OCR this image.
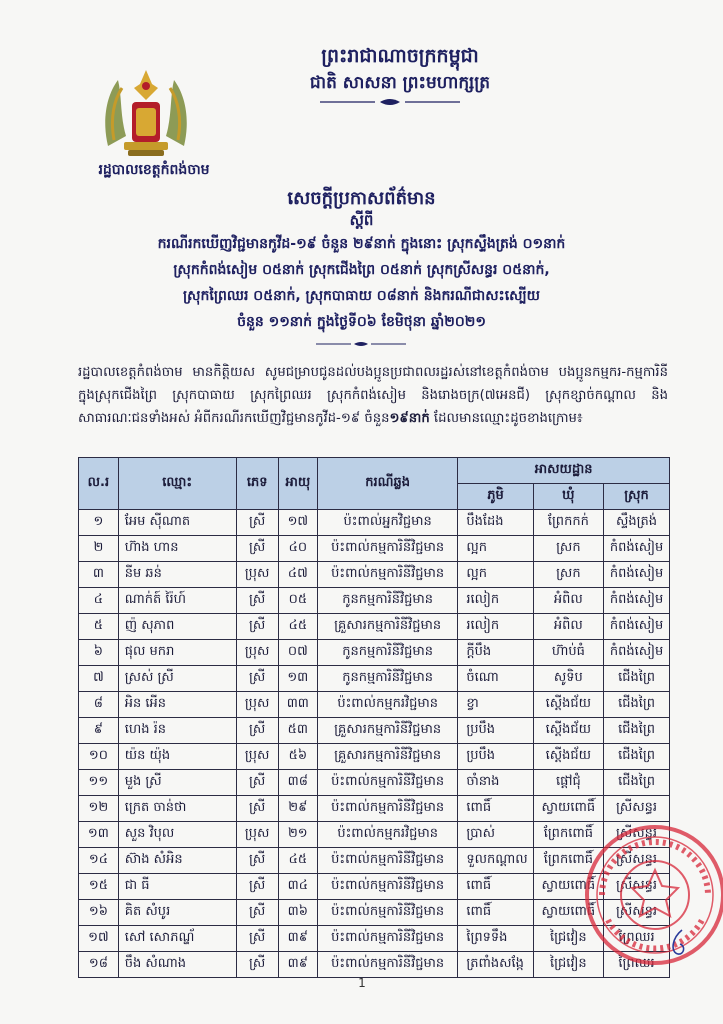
ព្រះរាជាណាចក្រកម្ពុជា
ជាតិ សាសនា ព្រះមហាក្សត្រ
រដ្ឋបាលខេត្តកំពង់ចាម
សេចក្តីប្រកាសព័ត៌មាន
ស្តីពី
ករណីរកឃើញវិជ្ជមានកូវីដ-១៩ ចំនួន ២៩នាក់ ក្នុងនោះ ស្រុកស្ទឹងត្រង់ ០១នាក់
ស្រុកកំពង់សៀម ០៥នាក់ ស្រុកជើងព្រៃ ០៥នាក់ ស្រុកស្រីសន្ធរ ០៥នាក់,
ស្រុកព្រៃឈរ ០៥នាក់, ស្រុកបាធាយ ០៨នាក់ និងករណីជាសះស្បើយ
ចំនួន ១១នាក់ ក្នុងថ្ងៃទី០៦ ខែមិថុនា ឆ្នាំ២០២១

រដ្ឋបាលខេត្តកំពង់ចាម មានកិត្តិយស សូមជម្រាបជូនដល់បងប្អូនប្រជាពលរដ្ឋរស់នៅខេត្តកំពង់ចាម បងប្អូនកម្មករ-កម្មការិនីក្នុងស្រុកជើងព្រៃ ស្រុកបាធាយ ស្រុកព្រៃឈរ ស្រុកកំពង់សៀម និងរោងចក្រ(៧អេនជី) ស្រុកខ្សាច់កណ្តាល និងសាធារណៈជនទាំងអស់ អំពីករណីរកឃើញវិជ្ជមានកូវីដ-១៩ ចំនួន១៩នាក់ ដែលមានឈ្មោះដូចខាងក្រោម៖

ល.រ	ឈ្មោះ	ភេទ	អាយុ	ករណីឆ្លង	អាសយដ្ឋាន		
					ភូមិ	ឃុំ	ស្រុក
១	អែម ស៊ីណាត	ស្រី	១៧	ប៉ះពាល់អ្នកវិជ្ជមាន	បឹងដែង	ព្រែកកក់	ស្ទឹងត្រង់
២	ហ៊ាង ហាន	ស្រី	៤០	ប៉ះពាល់កម្មការិនីវិជ្ជមាន	ល្អក	ស្រក	កំពង់សៀម
៣	នីម ឆន់	ប្រុស	៤៧	ប៉ះពាល់កម្មការិនីវិជ្ជមាន	ល្អក	ស្រក	កំពង់សៀម
៤	ណាក់ត៍ រ៉ៃហ៍	ស្រី	០៥	កូនកម្មការិនីវិជ្ជមាន	រលៀក	អំពិល	កំពង់សៀម
៥	ញ៉ សុភាព	ស្រី	៤៥	គ្រួសារកម្មការិនីវិជ្ជមាន	រលៀក	អំពិល	កំពង់សៀម
៦	ផុល មករា	ប្រុស	០៧	កូនកម្មការិនីវិជ្ជមាន	ក្តីបឹង	ហ៊ាប់ធំ	កំពង់សៀម
៧	ស្រស់ ស្រី	ស្រី	១៣	កូនកម្មការិនីវិជ្ជមាន	ចំណោ	សូទិប	ជើងព្រៃ
៨	អិន អើន	ប្រុស	៣៣	ប៉ះពាល់កម្មករវិជ្ជមាន	ខ្វា	ស្តើងជ័យ	ជើងព្រៃ
៩	ហេង រ៉ន	ស្រី	៥៣	គ្រួសារកម្មការិនីវិជ្ជមាន	ប្របឹង	ស្តើងជ័យ	ជើងព្រៃ
១០	យ៉ន យ៉ុង	ប្រុស	៥៦	គ្រួសារកម្មការិនីវិជ្ជមាន	ប្របឹង	ស្តើងជ័យ	ជើងព្រៃ
១១	មួង ស្រី	ស្រី	៣៨	ប៉ះពាល់កម្មការិនីវិជ្ជមាន	ចាំនាង	ផ្តៅជុំ	ជើងព្រៃ
១២	ក្រេត ចាន់ថា	ស្រី	២៩	ប៉ះពាល់កម្មការិនីវិជ្ជមាន	ពោធិ៍	ស្វាយពោធិ៍	ស្រីសន្ធរ
១៣	សួន វិបុល	ប្រុស	២១	ប៉ះពាល់កម្មករវិជ្ជមាន	ប្រាស់	ព្រែកពោធិ៍	ស្រីសន្ធរ
១៤	ស៊ាង សំអិន	ស្រី	៤៥	ប៉ះពាល់កម្មការិនីវិជ្ជមាន	ទួលកណ្តាល	ព្រែកពោធិ៍	ស្រីសន្ធរ
១៥	ជា ធី	ស្រី	៣៤	ប៉ះពាល់កម្មការិនីវិជ្ជមាន	ពោធិ៍	ស្វាយពោធិ៍	ស្រីសន្ធរ
១៦	គិត សំបូរ	ស្រី	៣៦	ប៉ះពាល់កម្មការិនីវិជ្ជមាន	ពោធិ៍	ស្វាយពោធិ៍	ស្រីសន្ធរ
១៧	សៅ សោភណ្ឌ័	ស្រី	៣៩	ប៉ះពាល់កម្មការិនីវិជ្ជមាន	ព្រៃទទឹង	ជ្រៃវៀន	ព្រៃឈរ
១៨	ចឹង សំណាង	ស្រី	៣៩	ប៉ះពាល់កម្មការិនីវិជ្ជមាន	ត្រពាំងសង្កែ	ជ្រៃវៀន	ព្រៃឈរ
1
